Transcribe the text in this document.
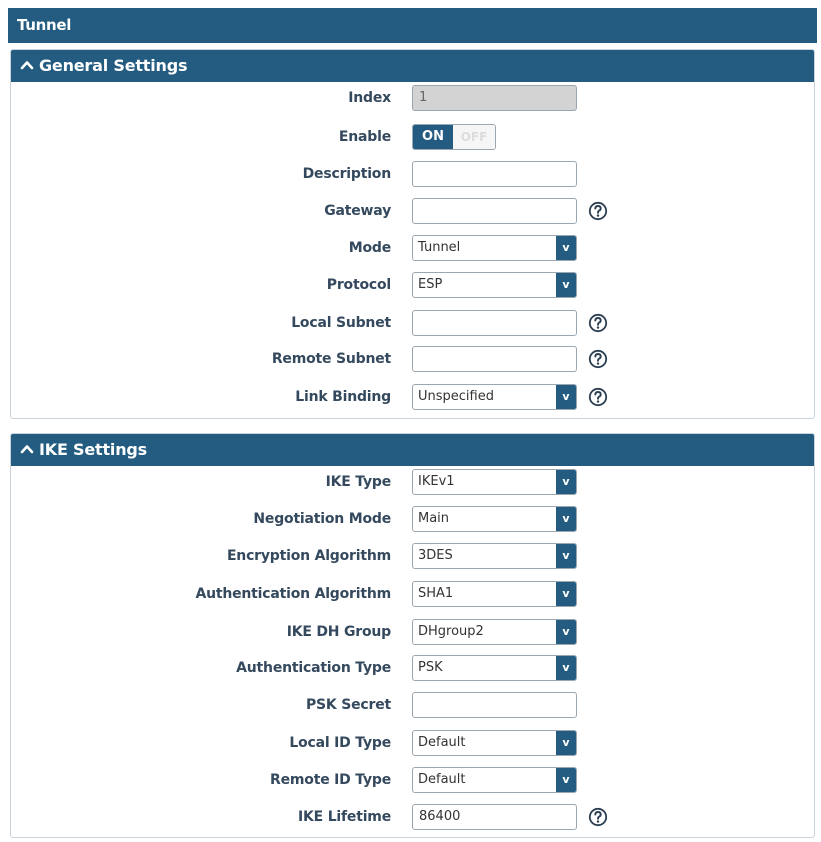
Tunnel
General Settings
Index	1
Enable	ON	OFF
Description
Gateway
Mode	Tunnel	v
Protocol	ESP	v
Local Subnet
Remote Subnet
Link Binding	Unspecified	v
IKE Settings
IKE Type	IKEv1	v
Negotiation Mode	Main	v
Encryption Algorithm	3DES	v
Authentication Algorithm	SHA1	v
IKE DH Group	DHgroup2	v
Authentication Type	PSK	v
PSK Secret
Local ID Type	Default	v
Remote ID Type	Default	v
IKE Lifetime	86400
